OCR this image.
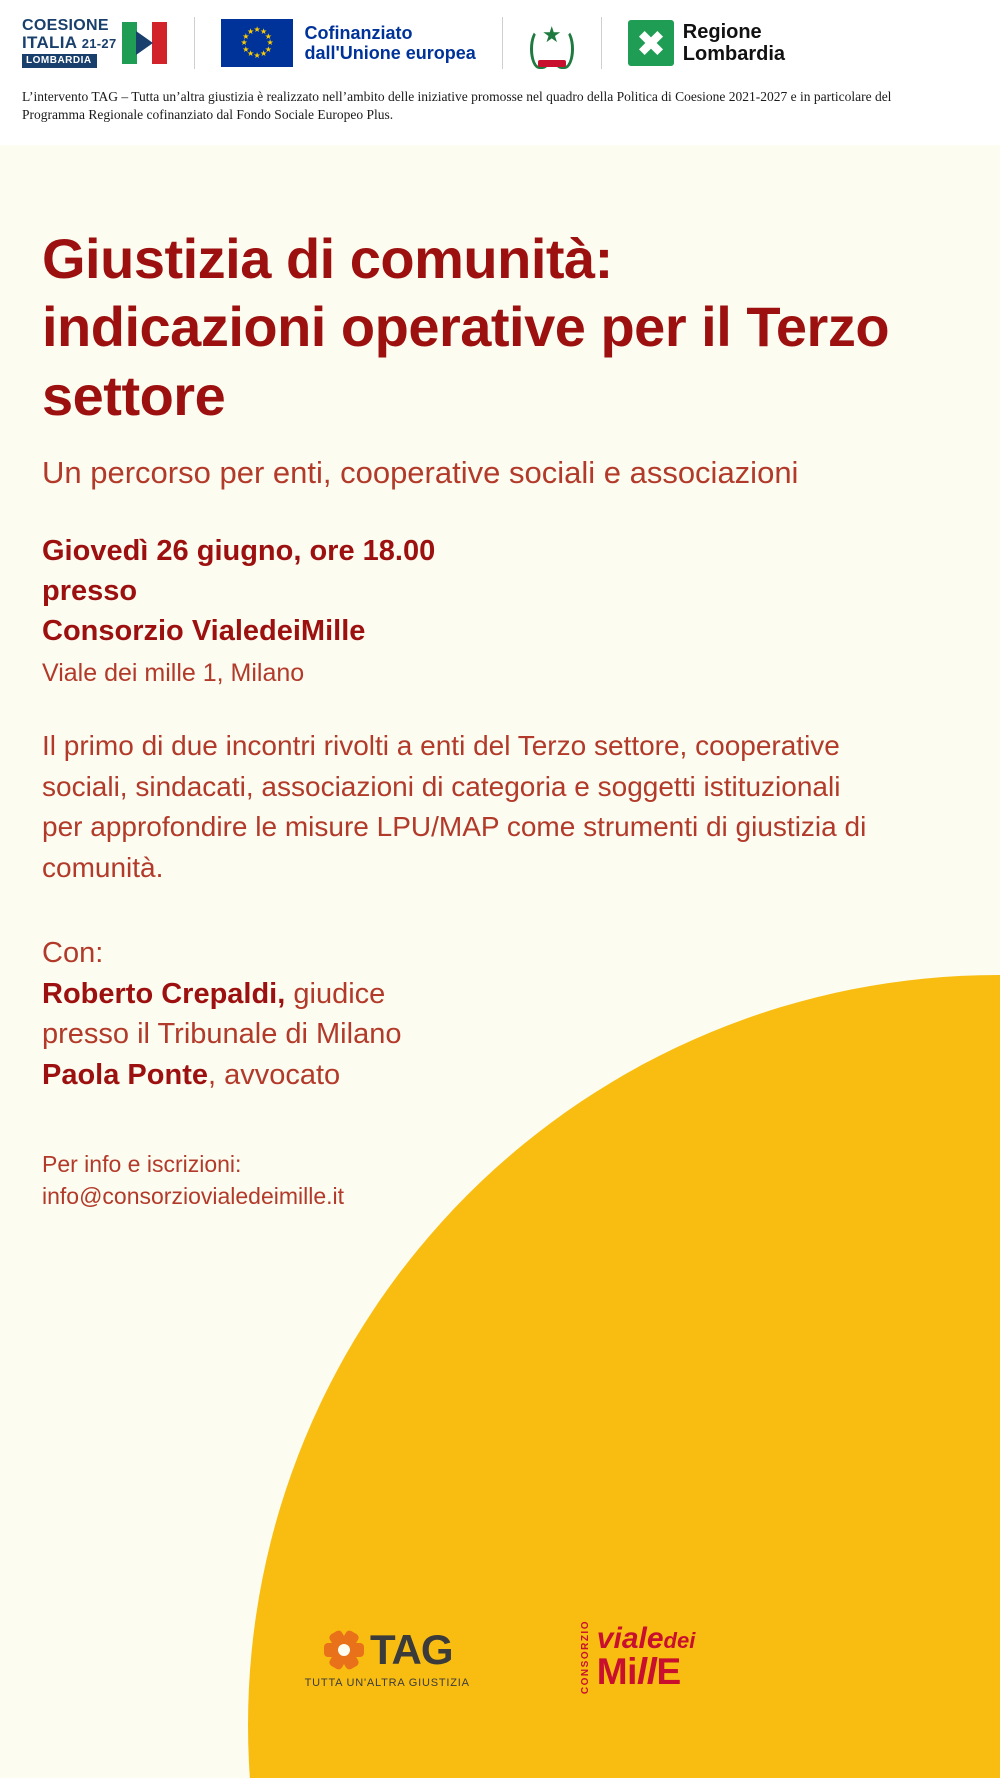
COESIONE
ITALIA 21-27
LOMBARDIA
★ ★
★
★
★
★
★
★
★
★
★
★	Cofinanziato
dall'Unione europea
★	Regione
Lombardia
L’intervento TAG – Tutta un’altra giustizia è realizzato nell’ambito delle iniziative promosse nel quadro della Politica di Coesione 2021-2027 e in particolare del Programma Regionale cofinanziato dal Fondo Sociale Europeo Plus.
Giustizia di comunità: indicazioni operative per il Terzo settore
Un percorso per enti, cooperative sociali e associazioni
Giovedì 26 giugno, ore 18.00
presso
Consorzio VialedeiMille
Viale dei mille 1, Milano
Il primo di due incontri rivolti a enti del Terzo settore, cooperative sociali, sindacati, associazioni di categoria e soggetti istituzionali per approfondire le misure LPU/MAP come strumenti di giustizia di comunità.
Con:
Roberto Crepaldi, giudice
presso il Tribunale di Milano
Paola Ponte, avvocato
Per info e iscrizioni:
info@consorziovialedeimille.it
TAG
TUTTA UN'ALTRA GIUSTIZIA	CONSORZIO vialedei
MillE
